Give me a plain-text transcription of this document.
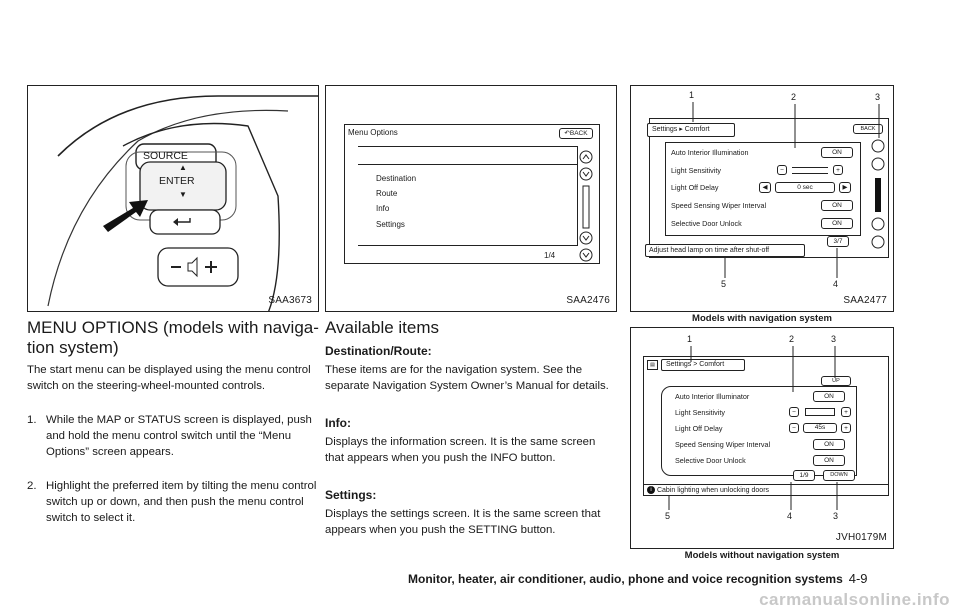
SOURCE
▲
ENTER
▼
SAA3673
Menu Options	↶BACK
Destination
Route
Info
Settings
1/4
SAA2476
1	2	3
Settings ▸ Comfort	BACK
Auto Interior Illumination	ON
Light Sensitivity	−	+
Light Off Delay	◀	0 sec	▶
Speed Sensing Wiper Interval	ON
Selective Door Unlock	ON
3/7
Adjust head lamp on time after shut-off
5	4
SAA2477
Models with navigation system
1	2	3
▤	Settings > Comfort
UP
Auto Interior Illuminator	ON
Light Sensitivity	−	+
Light Off Delay	−	45s	+
Speed Sensing Wiper Interval	ON
Selective Door Unlock	ON
1/9	DOWN
i Cabin lighting when unlocking doors
5	4	3
JVH0179M
Models without navigation system
MENU OPTIONS (models with naviga-
tion system)
The start menu can be displayed using the menu control switch on the steering-wheel-mounted controls.
1. While the MAP or STATUS screen is displayed, push and hold the menu control switch until the “Menu Options” screen appears.
2. Highlight the preferred item by tilting the menu control switch up or down, and then push the menu control switch to select it.
Available items
Destination/Route:
These items are for the navigation system. See the separate Navigation System Owner’s Manual for details.
Info:
Displays the information screen. It is the same screen that appears when you push the INFO button.
Settings:
Displays the settings screen. It is the same screen that appears when you push the SETTING button.
Monitor, heater, air conditioner, audio, phone and voice recognition systems 4-9
carmanualsonline.info
